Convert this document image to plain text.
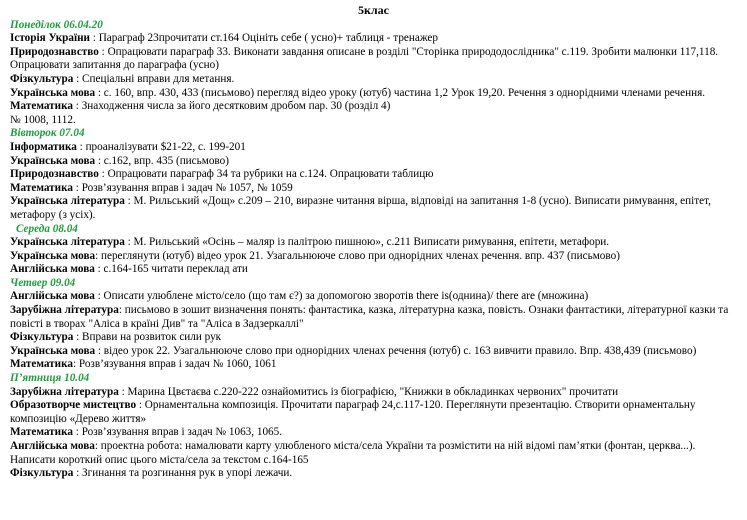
5клас
Понеділок 06.04.20
Історія України : Параграф 23прочитати ст.164 Оцініть себе ( усно)+ таблиця - тренажер
Природознавство : Опрацювати параграф 33. Виконати завдання описане в розділі "Сторінка природодослідника" с.119. Зробити малюнки 117,118. Опрацювати запитання до параграфа (усно)
Фізкультура : Спеціальні вправи для метання.
Українська мова : с. 160, впр. 430, 433 (письмово) перегляд відео уроку (ютуб) частина 1,2 Урок 19,20. Речення з однорідними членами речення.
Математика : Знаходження числа за його десятковим дробом пар. 30 (розділ 4)
№ 1008, 1112.
Вівторок 07.04
Інформатика : проаналізувати $21-22, с. 199-201
Українська мова : с.162, впр. 435 (письмово)
Природознавство : Опрацювати параграф 34 та рубрики на с.124. Опрацювати таблицю
Математика : Розв’язування вправ і задач № 1057, № 1059
Українська література : М. Рильський «Дощ» с.209 – 210, виразне читання вірша, відповіді на запитання 1-8 (усно). Виписати римування, епітет, метафору (з усіх).
Середа 08.04
Українська література : М. Рильський «Осінь – маляр із палітрою пишною», с.211 Виписати римування, епітети, метафори.
Українська мова: переглянути (ютуб) відео урок 21. Узагальнююче слово при однорідних членах речення. впр. 437 (письмово)
Англійська мова : с.164-165 читати переклад ати
Четвер 09.04
Англійська мова : Описати улюблене місто/село (що там є?) за допомогою зворотів there is(однина)/ there are (множина)
Зарубіжна література: письмово в зошит визначення понять: фантастика, казка, літературна казка, повість. Ознаки фантастики, літературної казки та повісті в творах "Аліса в країні Див" та "Аліса в Задзеркаллі"
Фізкультура : Вправи на розвиток сили рук
Українська мова : відео урок 22. Узагальнююче слово при однорідних членах речення (ютуб) с. 163 вивчити правило. Впр. 438,439 (письмово)
Математика: Розв’язування вправ і задач № 1060, 1061
П’ятниця 10.04
Зарубіжна література : Марина Цвєтаєва с.220-222 ознайомитись із біографією, "Книжки в обкладинках червоних" прочитати
Образотворче мистецтво : Орнаментальна композиція. Прочитати параграф 24,с.117-120. Переглянути презентацію. Створити орнаментальну композицію «Дерево життя»
Математика : Розв’язування вправ і задач № 1063, 1065.
Англійська мова: проектна робота: намалювати карту улюбленого міста/села України та розмістити на ній відомі пам’ятки (фонтан, церква...). Написати короткий опис цього міста/села за текстом с.164-165
Фізкультура : Згинання та розгинання рук в упорі лежачи.
